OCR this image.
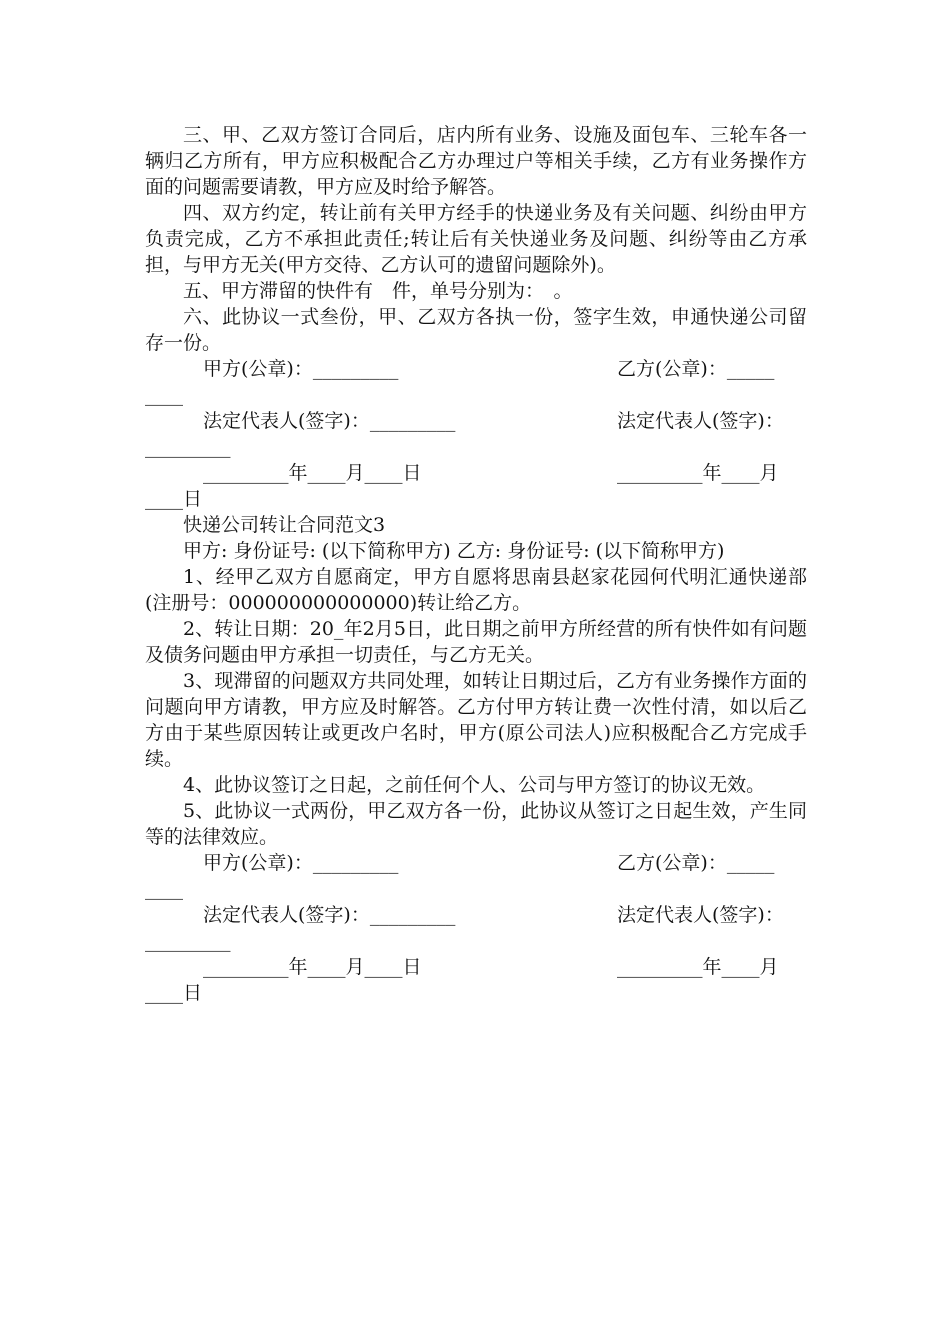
三、甲、乙双方签订合同后，店内所有业务、设施及面包车、三轮车各一辆归乙方所有，甲方应积极配合乙方办理过户等相关手续，乙方有业务操作方面的问题需要请教，甲方应及时给予解答。

四、双方约定，转让前有关甲方经手的快递业务及有关问题、纠纷由甲方负责完成，乙方不承担此责任;转让后有关快递业务及问题、纠纷等由乙方承担，与甲方无关(甲方交待、乙方认可的遗留问题除外)。

五、甲方滞留的快件有　件，单号分别为：　。

六、此协议一式叁份，甲、乙双方各执一份，签字生效，申通快递公司留存一份。

甲方(公章)：_________	乙方(公章)：_____
____
法定代表人(签字)：_________	法定代表人(签字)：
_________
_________年____月____日	_________年____月
____日

快递公司转让合同范文3

甲方: 身份证号: (以下简称甲方) 乙方: 身份证号: (以下简称甲方)

1、经甲乙双方自愿商定，甲方自愿将思南县赵家花园何代明汇通快递部(注册号：000000000000000)转让给乙方。

2、转让日期：20_年2月5日，此日期之前甲方所经营的所有快件如有问题及债务问题由甲方承担一切责任，与乙方无关。

3、现滞留的问题双方共同处理，如转让日期过后，乙方有业务操作方面的问题向甲方请教，甲方应及时解答。乙方付甲方转让费一次性付清，如以后乙方由于某些原因转让或更改户名时，甲方(原公司法人)应积极配合乙方完成手续。

4、此协议签订之日起，之前任何个人、公司与甲方签订的协议无效。

5、此协议一式两份，甲乙双方各一份，此协议从签订之日起生效，产生同等的法律效应。

甲方(公章)：_________	乙方(公章)：_____
____
法定代表人(签字)：_________	法定代表人(签字)：
_________
_________年____月____日	_________年____月
____日
